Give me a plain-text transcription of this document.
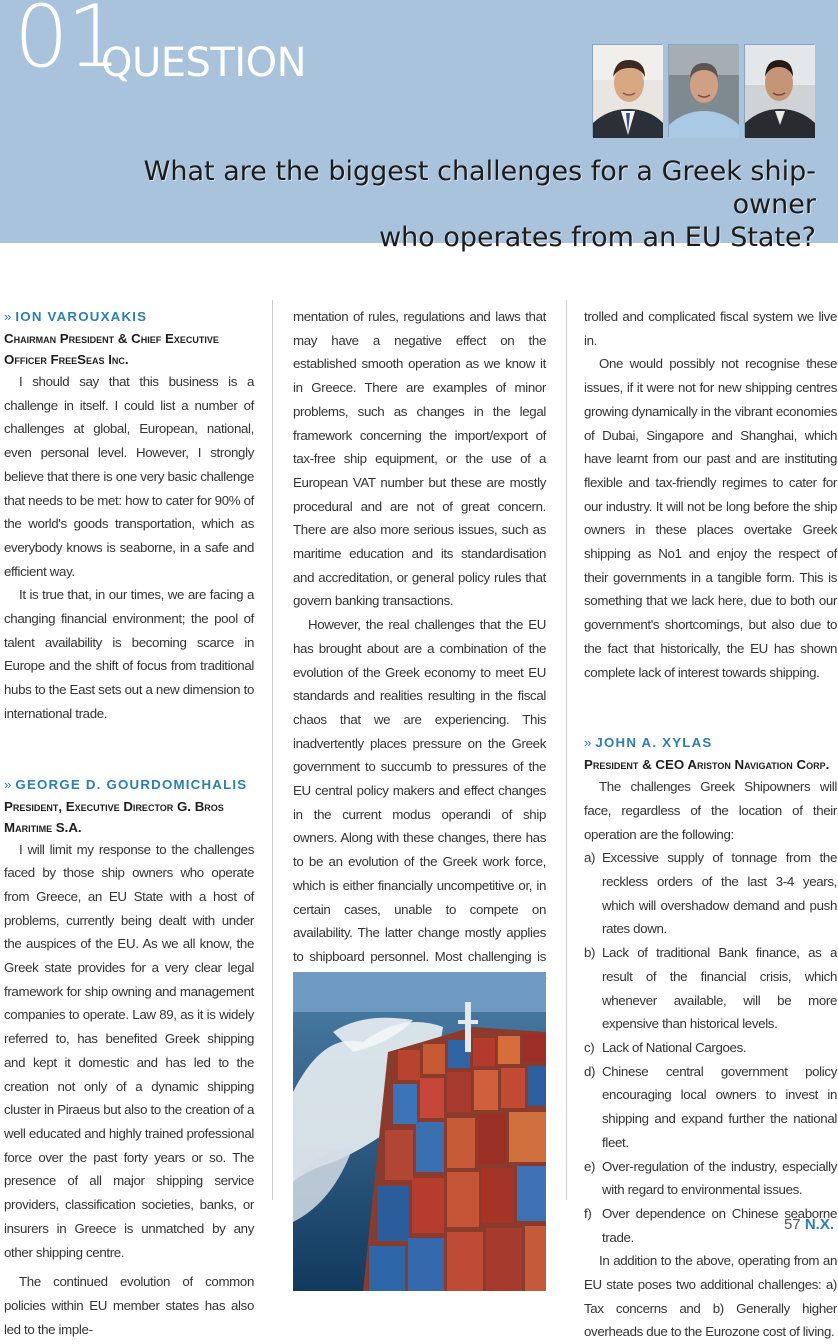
01
QUESTION
What are the biggest challenges for a Greek ship-owner
who operates from an EU State?
» ION VAROUXAKIS
Chairman President & Chief Executive Officer FreeSeas Inc.

I should say that this business is a challenge in itself. I could list a number of challenges at global, European, national, even personal level. However, I strongly believe that there is one very basic challenge that needs to be met: how to cater for 90% of the world's goods transportation, which as everybody knows is seaborne, in a safe and efficient way.

It is true that, in our times, we are facing a changing financial environment; the pool of talent availability is becoming scarce in Europe and the shift of focus from traditional hubs to the East sets out a new dimension to international trade.

» GEORGE D. GOURDOMICHALIS
President, Executive Director G. Bros Maritime S.A.

I will limit my response to the challenges faced by those ship owners who operate from Greece, an EU State with a host of problems, currently being dealt with under the auspices of the EU. As we all know, the Greek state provides for a very clear legal framework for ship owning and management companies to operate. Law 89, as it is widely referred to, has benefited Greek shipping and kept it domestic and has led to the creation not only of a dynamic shipping cluster in Piraeus but also to the creation of a well educated and highly trained professional force over the past forty years or so. The presence of all major shipping service providers, classification societies, banks, or insurers in Greece is unmatched by any other shipping centre.

The continued evolution of common policies within EU member states has also led to the imple-

mentation of rules, regulations and laws that may have a negative effect on the established smooth operation as we know it in Greece. There are examples of minor problems, such as changes in the legal framework concerning the import/export of tax-free ship equipment, or the use of a European VAT number but these are mostly procedural and are not of great concern. There are also more serious issues, such as maritime education and its standardisation and accreditation, or general policy rules that govern banking transactions.

However, the real challenges that the EU has brought about are a combination of the evolution of the Greek economy to meet EU standards and realities resulting in the fiscal chaos that we are experiencing. This inadvertently places pressure on the Greek government to succumb to pressures of the EU central policy makers and effect changes in the current modus operandi of ship owners. Along with these changes, there has to be an evolution of the Greek work force, which is either financially uncompetitive or, in certain cases, unable to compete on availability. The latter change mostly applies to shipboard personnel. Most challenging is

trolled and complicated fiscal system we live in.

One would possibly not recognise these issues, if it were not for new shipping centres growing dynamically in the vibrant economies of Dubai, Singapore and Shanghai, which have learnt from our past and are instituting flexible and tax-friendly regimes to cater for our industry. It will not be long before the ship owners in these places overtake Greek shipping as No1 and enjoy the respect of their governments in a tangible form. This is something that we lack here, due to both our government's shortcomings, but also due to the fact that historically, the EU has shown complete lack of interest towards shipping.

» JOHN A. XYLAS
President & CEO Ariston Navigation Corp.

The challenges Greek Shipowners will face, regardless of the location of their operation are the following:

a) Excessive supply of tonnage from the reckless orders of the last 3-4 years, which will overshadow demand and push rates down.
b) Lack of traditional Bank finance, as a result of the financial crisis, which whenever available, will be more expensive than historical levels.
c) Lack of National Cargoes.
d) Chinese central government policy encouraging local owners to invest in shipping and expand further the national fleet.
e) Over-regulation of the industry, especially with regard to environmental issues.
f) Over dependence on Chinese seaborne trade.

In addition to the above, operating from an EU state poses two additional challenges: a) Tax concerns and b) Generally higher overheads due to the Eurozone cost of living.

57 N.X.
